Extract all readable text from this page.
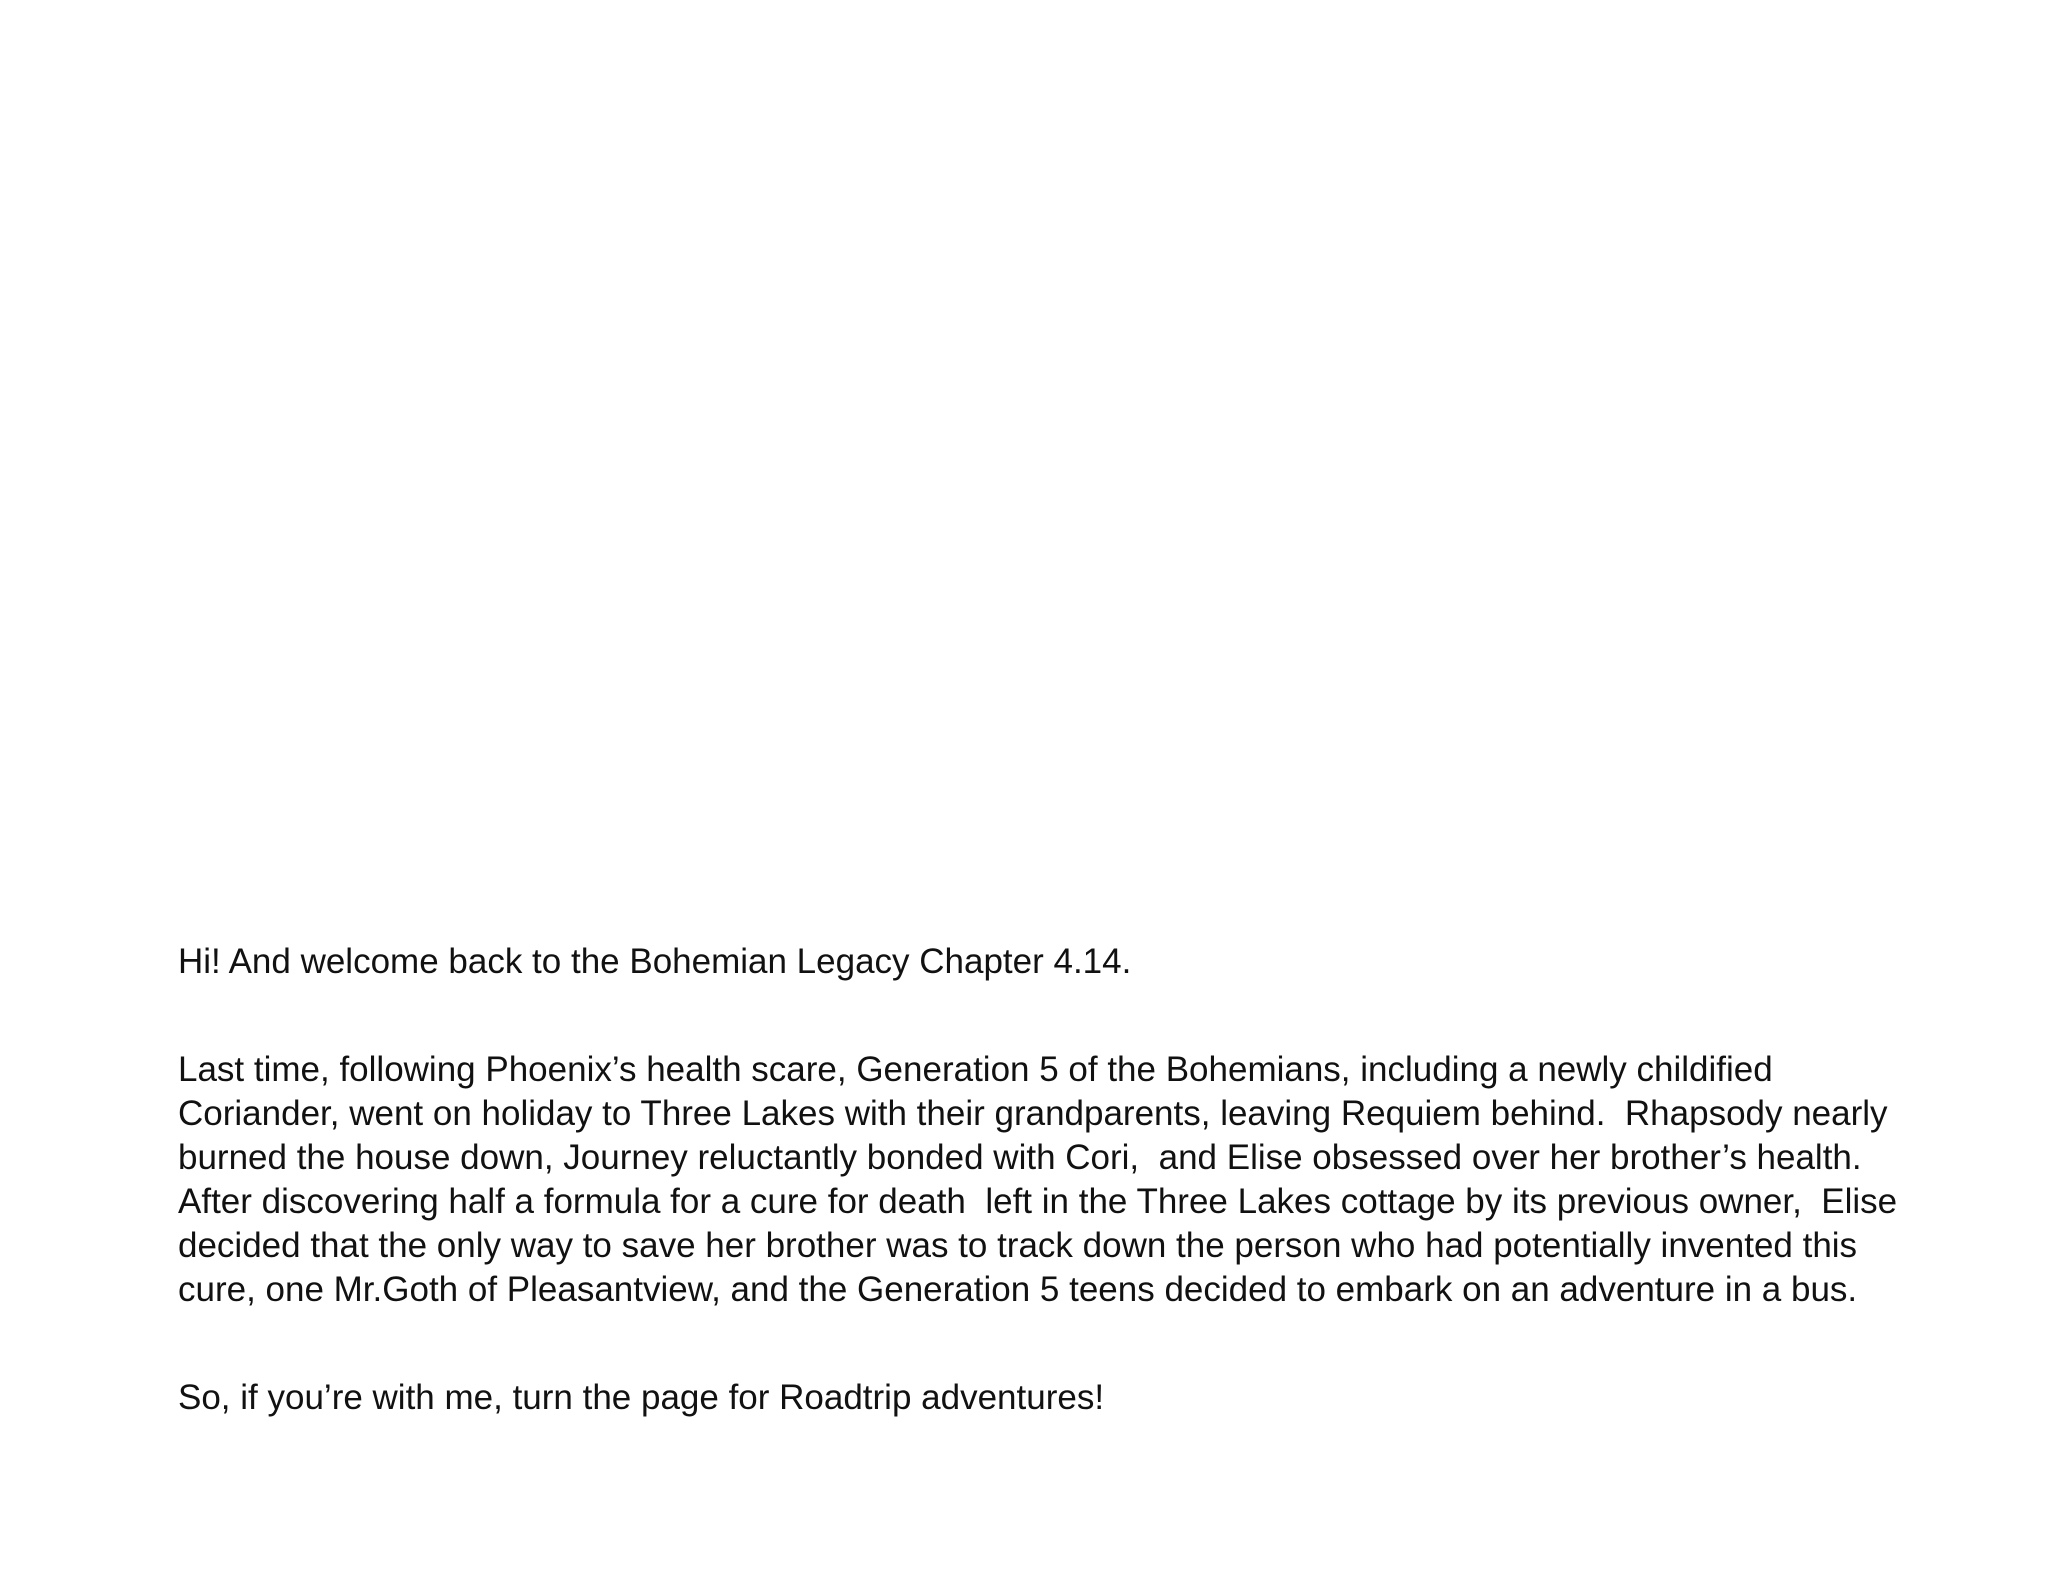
Hi! And welcome back to the Bohemian Legacy Chapter 4.14.

Last time, following Phoenix’s health scare, Generation 5 of the Bohemians, including a newly childified Coriander, went on holiday to Three Lakes with their grandparents, leaving Requiem behind.  Rhapsody nearly burned the house down, Journey reluctantly bonded with Cori,  and Elise obsessed over her brother’s health. After discovering half a formula for a cure for death  left in the Three Lakes cottage by its previous owner,  Elise decided that the only way to save her brother was to track down the person who had potentially invented this cure, one Mr.Goth of Pleasantview, and the Generation 5 teens decided to embark on an adventure in a bus.

So, if you’re with me, turn the page for Roadtrip adventures!
